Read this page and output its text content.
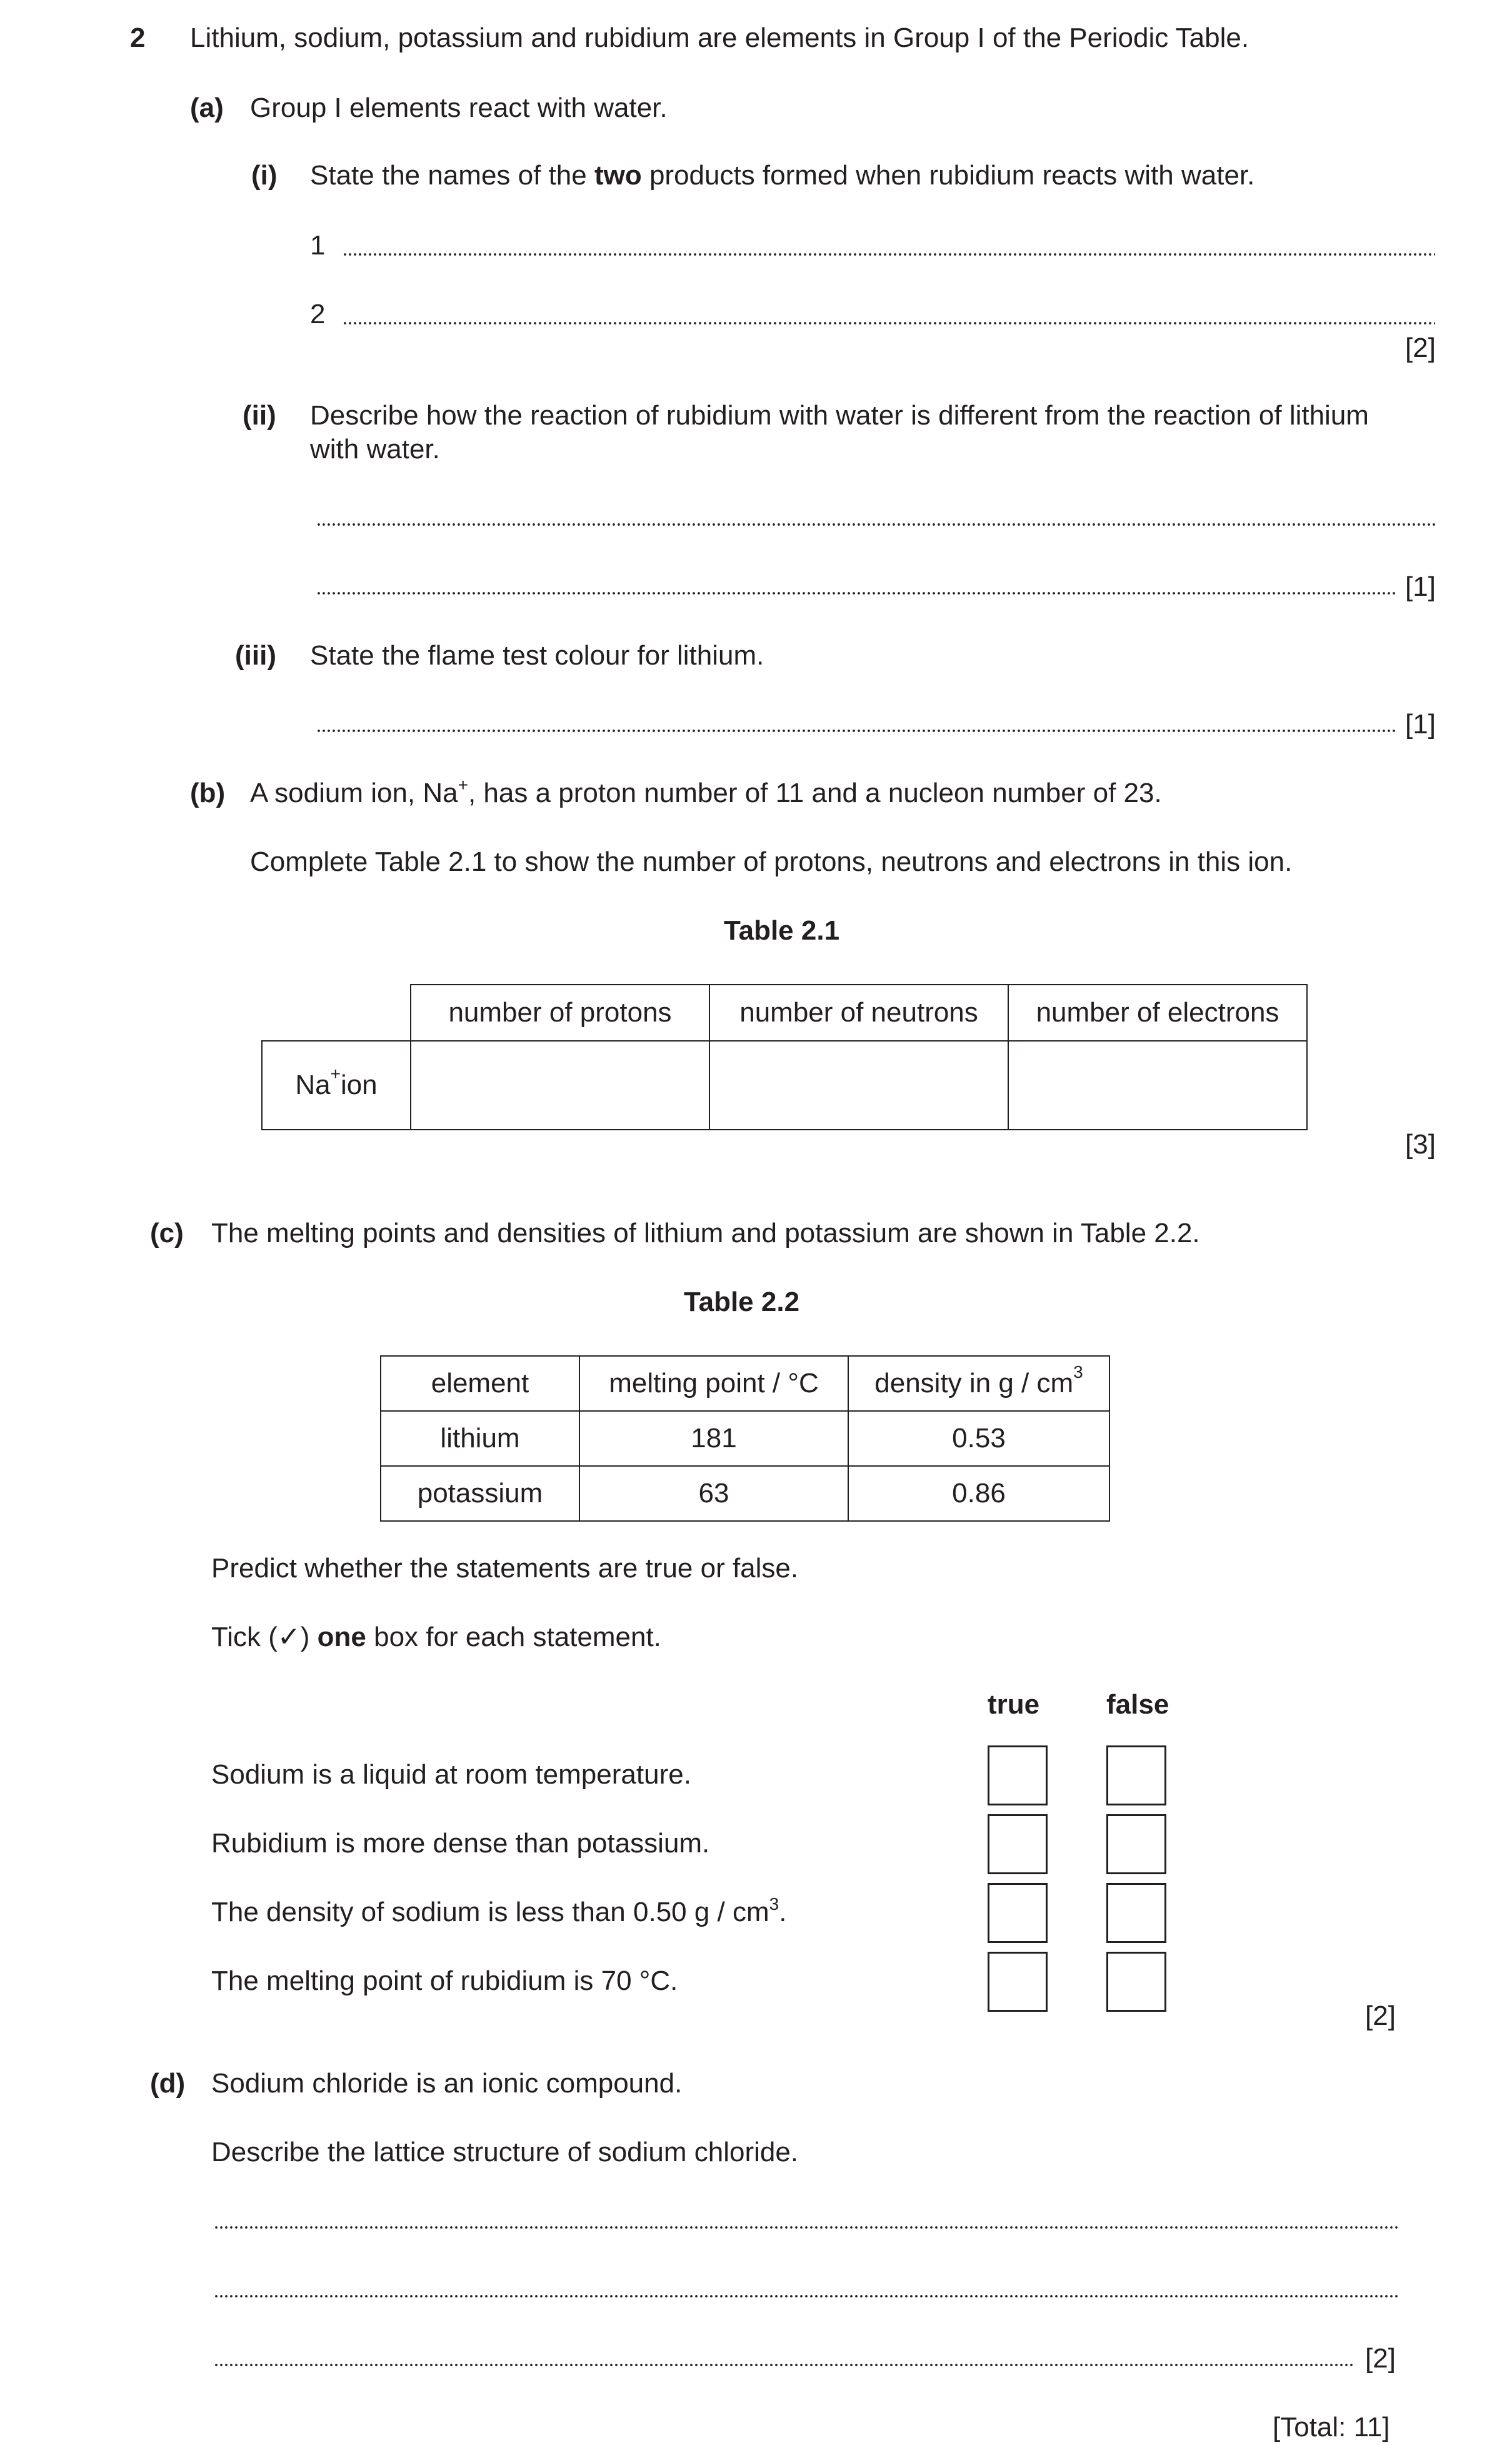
2 Lithium, sodium, potassium and rubidium are elements in Group I of the Periodic Table.
(a) Group I elements react with water.
(i) State the names of the two products formed when rubidium reacts with water.
1
2
[2]
(ii) Describe how the reaction of rubidium with water is different from the reaction of lithium
with water.
[1]
(iii) State the flame test colour for lithium.
[1]
(b) A sodium ion, Na+, has a proton number of 11 and a nucleon number of 23.
Complete Table 2.1 to show the number of protons, neutrons and electrons in this ion.
Table 2.1
number of protons	number of neutrons	number of electrons
Na + ion
[3]
(c) The melting points and densities of lithium and potassium are shown in Table 2.2.
Table 2.2
element	melting point / °C	density in g / cm 3
lithium	181	0.53
potassium	63	0.86
Predict whether the statements are true or false.
Tick (✓) one box for each statement.
true false
Sodium is a liquid at room temperature.
Rubidium is more dense than potassium.
The density of sodium is less than 0.50 g / $cm^3$.
The melting point of rubidium is 70 °C.
[2]
(d) Sodium chloride is an ionic compound.
Describe the lattice structure of sodium chloride.
[2]
[Total: 11]
